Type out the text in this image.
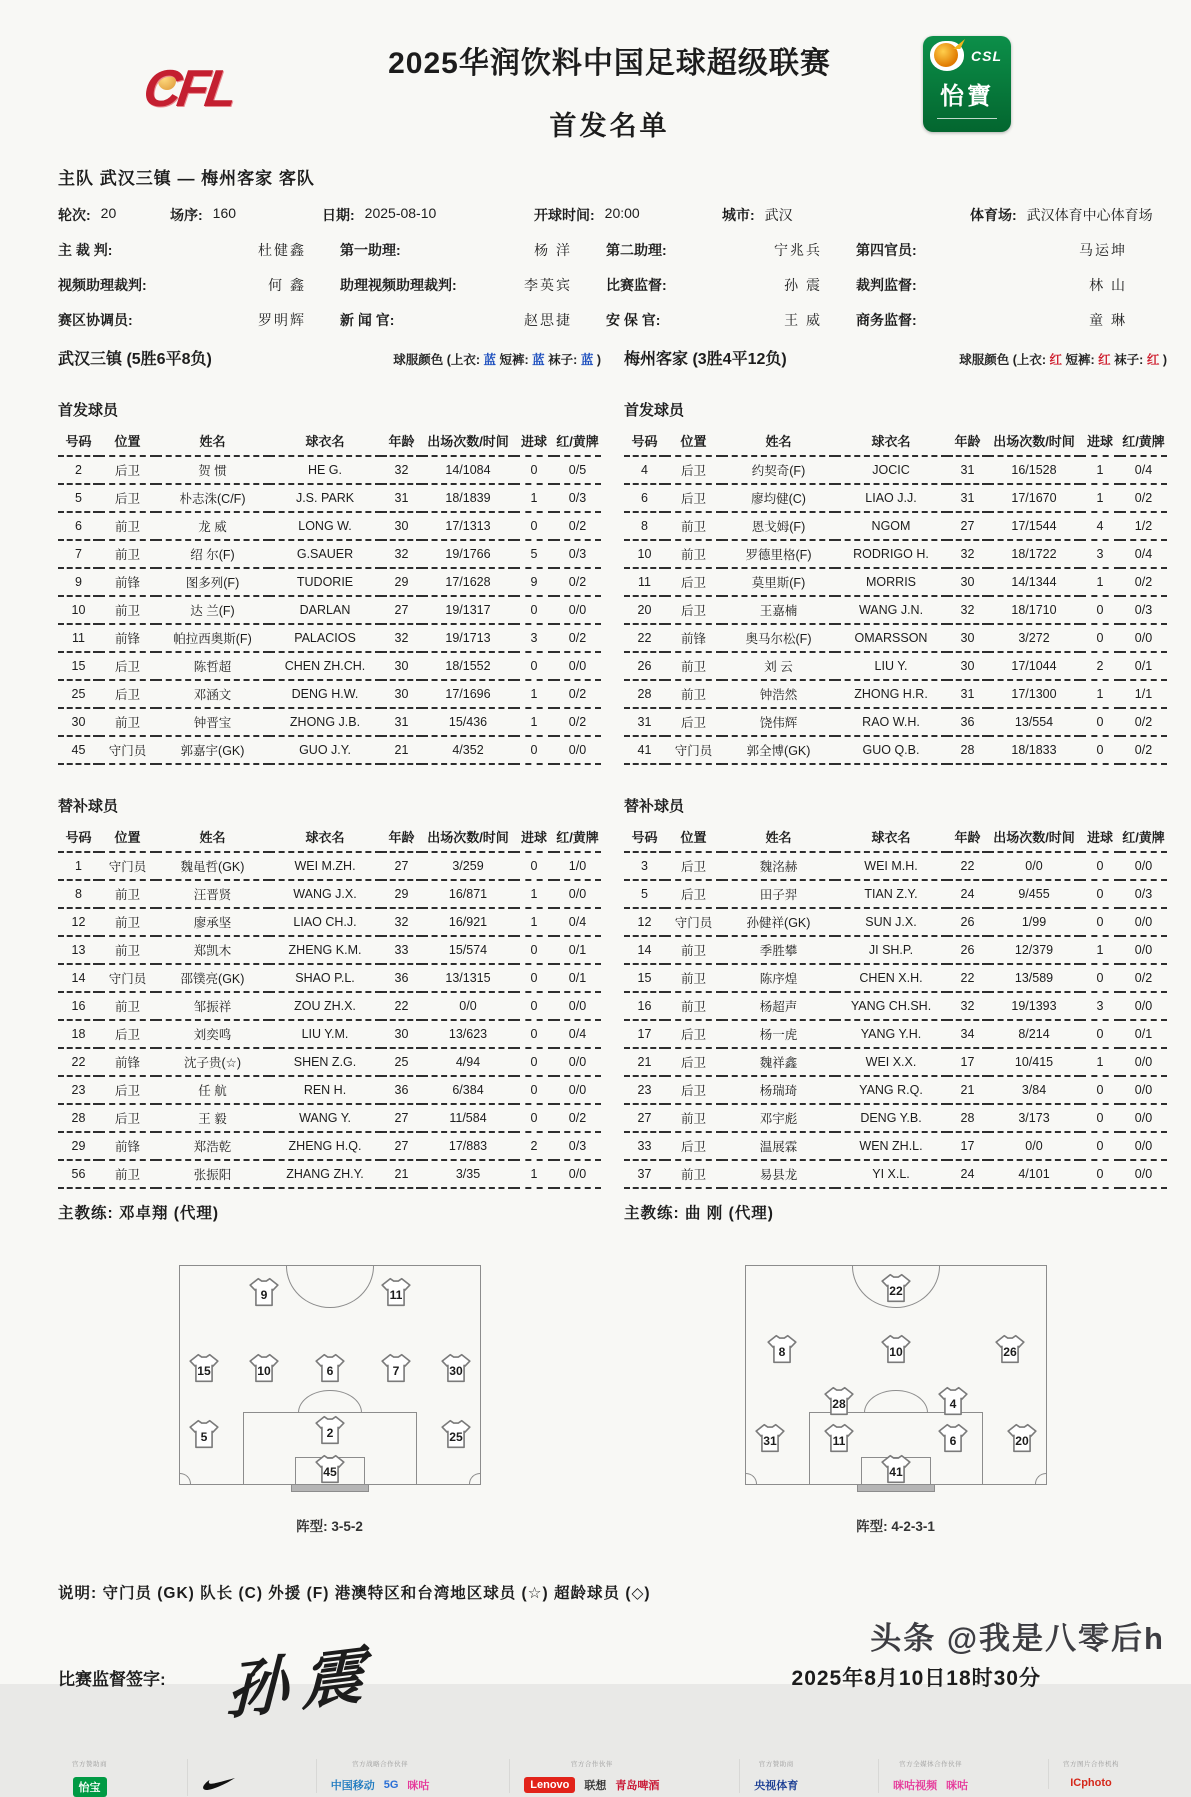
CFL	2025华润饮料中国足球超级联赛
首发名单
CSL
怡寶
主队 武汉三镇 — 梅州客家 客队
轮次: 20	场序: 160	日期: 2025-08-10	开球时间: 20:00	城市: 武汉	体育场: 武汉体育中心体育场
主 裁 判:	杜健鑫 第一助理:	杨 洋 第二助理:	宁兆兵 第四官员:	马运坤
视频助理裁判:	何 鑫 助理视频助理裁判:	李英宾 比赛监督:	孙 震 裁判监督:	林 山
赛区协调员:	罗明辉 新 闻 官:	赵思捷 安 保 官:	王 威 商务监督:	童 琳
武汉三镇 (5胜6平8负)	球服颜色 (上衣: 蓝 短裤: 蓝 袜子: 蓝 ) 梅州客家 (3胜4平12负)	球服颜色 (上衣: 红 短裤: 红 袜子: 红 )
首发球员
号码	位置	姓名	球衣名	年龄	出场次数/时间	进球	红/黄牌
2	后卫	贺 惯	HE G.	32	14/1084	0	0/5
5	后卫	朴志洙(C/F)	J.S. PARK	31	18/1839	1	0/3
6	前卫	龙 威	LONG W.	30	17/1313	0	0/2
7	前卫	绍 尔(F)	G.SAUER	32	19/1766	5	0/3
9	前锋	图多列(F)	TUDORIE	29	17/1628	9	0/2
10	前卫	达 兰(F)	DARLAN	27	19/1317	0	0/0
11	前锋	帕拉西奥斯(F)	PALACIOS	32	19/1713	3	0/2
15	后卫	陈哲超	CHEN ZH.CH.	30	18/1552	0	0/0
25	后卫	邓涵文	DENG H.W.	30	17/1696	1	0/2
30	前卫	钟晋宝	ZHONG J.B.	31	15/436	1	0/2
45	守门员	郭嘉宇(GK)	GUO J.Y.	21	4/352	0	0/0
首发球员
号码	位置	姓名	球衣名	年龄	出场次数/时间	进球	红/黄牌
4	后卫	约契奇(F)	JOCIC	31	16/1528	1	0/4
6	后卫	廖均健(C)	LIAO J.J.	31	17/1670	1	0/2
8	前卫	恩戈姆(F)	NGOM	27	17/1544	4	1/2
10	前卫	罗德里格(F)	RODRIGO H.	32	18/1722	3	0/4
11	后卫	莫里斯(F)	MORRIS	30	14/1344	1	0/2
20	后卫	王嘉楠	WANG J.N.	32	18/1710	0	0/3
22	前锋	奥马尔松(F)	OMARSSON	30	3/272	0	0/0
26	前卫	刘 云	LIU Y.	30	17/1044	2	0/1
28	前卫	钟浩然	ZHONG H.R.	31	17/1300	1	1/1
31	后卫	饶伟辉	RAO W.H.	36	13/554	0	0/2
41	守门员	郭全博(GK)	GUO Q.B.	28	18/1833	0	0/2
替补球员
号码	位置	姓名	球衣名	年龄	出场次数/时间	进球	红/黄牌
1	守门员	魏黾哲(GK)	WEI M.ZH.	27	3/259	0	1/0
8	前卫	汪晋贤	WANG J.X.	29	16/871	1	0/0
12	前卫	廖承坚	LIAO CH.J.	32	16/921	1	0/4
13	前卫	郑凯木	ZHENG K.M.	33	15/574	0	0/1
14	守门员	邵镤亮(GK)	SHAO P.L.	36	13/1315	0	0/1
16	前卫	邹振祥	ZOU ZH.X.	22	0/0	0	0/0
18	后卫	刘奕鸣	LIU Y.M.	30	13/623	0	0/4
22	前锋	沈子贵(☆)	SHEN Z.G.	25	4/94	0	0/0
23	后卫	任 航	REN H.	36	6/384	0	0/0
28	后卫	王 毅	WANG Y.	27	11/584	0	0/2
29	前锋	郑浩乾	ZHENG H.Q.	27	17/883	2	0/3
56	前卫	张振阳	ZHANG ZH.Y.	21	3/35	1	0/0
主教练: 邓卓翔 (代理)
替补球员
号码	位置	姓名	球衣名	年龄	出场次数/时间	进球	红/黄牌
3	后卫	魏洺赫	WEI M.H.	22	0/0	0	0/0
5	后卫	田子羿	TIAN Z.Y.	24	9/455	0	0/3
12	守门员	孙健祥(GK)	SUN J.X.	26	1/99	0	0/0
14	前卫	季胜攀	JI SH.P.	26	12/379	1	0/0
15	前卫	陈序煌	CHEN X.H.	22	13/589	0	0/2
16	前卫	杨超声	YANG CH.SH.	32	19/1393	3	0/0
17	后卫	杨一虎	YANG Y.H.	34	8/214	0	0/1
21	后卫	魏祥鑫	WEI X.X.	17	10/415	1	0/0
23	后卫	杨瑞琦	YANG R.Q.	21	3/84	0	0/0
27	前卫	邓宇彪	DENG Y.B.	28	3/173	0	0/0
33	后卫	温展霖	WEN ZH.L.	17	0/0	0	0/0
37	前卫	易县龙	YI X.L.	24	4/101	0	0/0
主教练: 曲 刚 (代理)
9	11
15	10	6	7	30
5	2	25
45
阵型: 3-5-2
22
8	10	26
28	4
31	11	6	20
41
阵型: 4-2-3-1
说明: 守门员 (GK) 队长 (C) 外援 (F) 港澳特区和台湾地区球员 (☆) 超龄球员 (◇)
比赛监督签字: 孙震	2025年8月10日18时30分
官方赞助商
怡宝
官方战略合作伙伴
中国移动 5G 咪咕
官方合作伙伴
Lenovo	联想 青岛啤酒
官方赞助商
央视体育
官方全媒体合作伙伴
咪咕视频 咪咕
官方图片合作机构
ICphoto
头条 @我是八零后h
